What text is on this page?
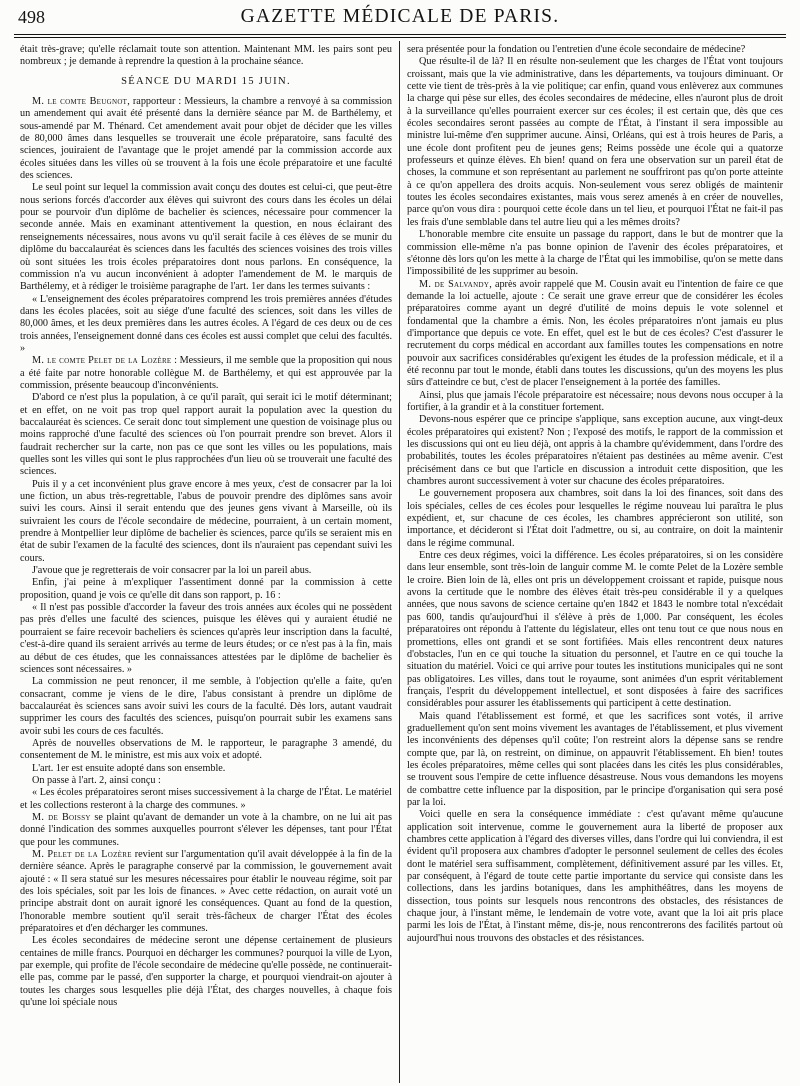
498	GAZETTE MÉDICALE DE PARIS.

était très-grave; qu'elle réclamait toute son attention. Maintenant MM. les pairs sont peu nombreux ; je demande à reprendre la question à la prochaine séance.

SÉANCE DU MARDI 15 JUIN.

M. le comte Beugnot, rapporteur : Messieurs, la chambre a renvoyé à sa commission un amendement qui avait été présenté dans la dernière séance par M. de Barthélemy, et sous-amendé par M. Thénard. Cet amendement avait pour objet de décider que les villes de 80,000 âmes dans lesquelles se trouverait une école préparatoire, sans faculté des sciences, jouiraient de l'avantage que le projet amendé par la commission accorde aux écoles situées dans les villes où se trouvent à la fois une école préparatoire et une faculté des sciences.

Le seul point sur lequel la commission avait conçu des doutes est celui-ci, que peut-être nous serions forcés d'accorder aux élèves qui suivront des cours dans les écoles un délai pour se pourvoir d'un diplôme de bachelier ès sciences, nécessaire pour commencer la seconde année. Mais en examinant attentivement la question, en nous éclairant des renseignements nécessaires, nous avons vu qu'il serait facile à ces élèves de se munir du diplôme du baccalauréat ès sciences dans les facultés des sciences voisines des trois villes où sont situées les trois écoles préparatoires dont nous parlons. En conséquence, la commission n'a vu aucun inconvénient à adopter l'amendement de M. le marquis de Barthélemy, et à rédiger le troisième paragraphe de l'art. 1er dans les termes suivants :

« L'enseignement des écoles préparatoires comprend les trois premières années d'études dans les écoles placées, soit au siége d'une faculté des sciences, soit dans les villes de 80,000 âmes, et les deux premières dans les autres écoles. A l'égard de ces deux ou de ces trois années, l'enseignement donné dans ces écoles est aussi complet que celui des facultés. »

M. le comte Pelet de la Lozère : Messieurs, il me semble que la proposition qui nous a été faite par notre honorable collègue M. de Barthélemy, et qui est approuvée par la commission, présente beaucoup d'inconvénients.

D'abord ce n'est plus la population, à ce qu'il paraît, qui serait ici le motif déterminant; et en effet, on ne voit pas trop quel rapport aurait la population avec la question du baccalauréat ès sciences. Ce serait donc tout simplement une question de voisinage plus ou moins rapproché d'une faculté des sciences où l'on pourrait prendre son brevet. Alors il faudrait rechercher sur la carte, non pas ce que sont les villes ou les populations, mais quelles sont les villes qui sont le plus rapprochées d'un lieu où se trouverait une faculté des sciences.

Puis il y a cet inconvénient plus grave encore à mes yeux, c'est de consacrer par la loi une fiction, un abus très-regrettable, l'abus de pouvoir prendre des diplômes sans avoir suivi les cours. Ainsi il serait entendu que des jeunes gens vivant à Marseille, où ils suivraient les cours de l'école secondaire de médecine, pourraient, à un certain moment, prendre à Montpellier leur diplôme de bachelier ès sciences, parce qu'ils se seraient mis en état de subir l'examen de la faculté des sciences, dont ils n'auraient pas cependant suivi les cours.

J'avoue que je regretterais de voir consacrer par la loi un pareil abus.

Enfin, j'ai peine à m'expliquer l'assentiment donné par la commission à cette proposition, quand je vois ce qu'elle dit dans son rapport, p. 16 :

« Il n'est pas possible d'accorder la faveur des trois années aux écoles qui ne possèdent pas près d'elles une faculté des sciences, puisque les élèves qui y auraient étudié ne pourraient se faire recevoir bacheliers ès sciences qu'après leur inscription dans la faculté, c'est-à-dire quand ils seraient arrivés au terme de leurs études; or ce n'est pas à la fin, mais au début de ces études, que les connaissances attestées par le diplôme de bachelier ès sciences sont nécessaires. »

La commission ne peut renoncer, il me semble, à l'objection qu'elle a faite, qu'en consacrant, comme je viens de le dire, l'abus consistant à prendre un diplôme de baccalauréat ès sciences sans avoir suivi les cours de la faculté. Dès lors, autant vaudrait supprimer les cours des facultés des sciences, puisqu'on pourrait subir les examens sans avoir subi les cours de ces facultés.

Après de nouvelles observations de M. le rapporteur, le paragraphe 3 amendé, du consentement de M. le ministre, est mis aux voix et adopté.

L'art. 1er est ensuite adopté dans son ensemble.

On passe à l'art. 2, ainsi conçu :

« Les écoles préparatoires seront mises successivement à la charge de l'État. Le matériel et les collections resteront à la charge des communes. »

M. de Boissy se plaint qu'avant de demander un vote à la chambre, on ne lui ait pas donné l'indication des sommes auxquelles pourront s'élever les dépenses, tant pour l'État que pour les communes.

M. Pelet de la Lozère revient sur l'argumentation qu'il avait développée à la fin de la dernière séance. Après le paragraphe conservé par la commission, le gouvernement avait ajouté : « Il sera statué sur les mesures nécessaires pour établir le nouveau régime, soit par des lois spéciales, soit par les lois de finances. » Avec cette rédaction, on aurait voté un principe abstrait dont on aurait ignoré les conséquences. Quant au fond de la question, l'honorable membre soutient qu'il serait très-fâcheux de charger l'État des écoles préparatoires et d'en décharger les communes.

Les écoles secondaires de médecine seront une dépense certainement de plusieurs centaines de mille francs. Pourquoi en décharger les communes? pourquoi la ville de Lyon, par exemple, qui profite de l'école secondaire de médecine qu'elle possède, ne continuerait-elle pas, comme par le passé, d'en supporter la charge, et pourquoi viendrait-on ajouter à toutes les charges sous lesquelles plie déjà l'État, des charges nouvelles, à chaque fois qu'une loi spéciale nous

sera présentée pour la fondation ou l'entretien d'une école secondaire de médecine?

Que résulte-il de là? Il en résulte non-seulement que les charges de l'État vont toujours croissant, mais que la vie administrative, dans les départements, va toujours diminuant. Or cette vie tient de très-près à la vie politique; car enfin, quand vous enlèverez aux communes la charge qui pèse sur elles, des écoles secondaires de médecine, elles n'auront plus de droit à la surveillance qu'elles pourraient exercer sur ces écoles; il est certain que, dès que ces écoles secondaires seront passées au compte de l'État, à l'instant il sera impossible au ministre lui-même d'en supprimer aucune. Ainsi, Orléans, qui est à trois heures de Paris, a une école dont profitent peu de jeunes gens; Reims possède une école qui a quatorze professeurs et quinze élèves. Eh bien! quand on fera une observation sur un pareil état de choses, la commune et son représentant au parlement ne souffriront pas qu'on porte atteinte à ce qu'on appellera des droits acquis. Non-seulement vous serez obligés de maintenir toutes les écoles secondaires existantes, mais vous serez amenés à en créer de nouvelles, parce qu'on vous dira : pourquoi cette école dans un tel lieu, et pourquoi l'État ne fait-il pas les frais d'une semblable dans tel autre lieu qui a les mêmes droits?

L'honorable membre cite ensuite un passage du rapport, dans le but de montrer que la commission elle-même n'a pas bonne opinion de l'avenir des écoles préparatoires, et s'étonne dès lors qu'on les mette à la charge de l'État qui les immobilise, qu'on se mette dans l'impossibilité de les supprimer au besoin.

M. de Salvandy, après avoir rappelé que M. Cousin avait eu l'intention de faire ce que demande la loi actuelle, ajoute : Ce serait une grave erreur que de considérer les écoles préparatoires comme ayant un degré d'utilité de moins depuis le vote solennel et fondamental que la chambre a émis. Non, les écoles préparatoires n'ont jamais eu plus d'importance que depuis ce vote. En effet, quel est le but de ces écoles? C'est d'assurer le recrutement du corps médical en accordant aux familles toutes les compensations en notre pouvoir aux sacrifices considérables qu'exigent les études de la profession médicale, et il a été reconnu par tout le monde, établi dans toutes les discussions, qu'un des moyens les plus sûrs d'atteindre ce but, c'est de placer l'enseignement à la portée des familles.

Ainsi, plus que jamais l'école préparatoire est nécessaire; nous devons nous occuper à la fortifier, à la grandir et à la constituer fortement.

Devons-nous espérer que ce principe s'applique, sans exception aucune, aux vingt-deux écoles préparatoires qui existent? Non ; l'exposé des motifs, le rapport de la commission et les discussions qui ont eu lieu déjà, ont appris à la chambre qu'évidemment, dans l'ordre des probabilités, toutes les écoles préparatoires n'étaient pas destinées au même avenir. C'est précisément dans ce but que l'article en discussion a introduit cette disposition, que les chambres auront successivement à voter sur chacune des écoles préparatoires.

Le gouvernement proposera aux chambres, soit dans la loi des finances, soit dans des lois spéciales, celles de ces écoles pour lesquelles le régime nouveau lui paraîtra le plus expédient, et, sur chacune de ces écoles, les chambres apprécieront son utilité, son importance, et décideront si l'État doit l'admettre, ou si, au contraire, on doit la maintenir dans le régime communal.

Entre ces deux régimes, voici la différence. Les écoles préparatoires, si on les considère dans leur ensemble, sont très-loin de languir comme M. le comte Pelet de la Lozère semble le croire. Bien loin de là, elles ont pris un développement croissant et rapide, puisque nous avons la certitude que le nombre des élèves était très-peu considérable il y a quelques années, que nous savons de science certaine qu'en 1842 et 1843 le nombre total n'excédait pas 600, tandis qu'aujourd'hui il s'élève à près de 1,000. Par conséquent, les écoles préparatoires ont répondu à l'attente du législateur, elles ont tenu tout ce que nous nous en promettions, elles ont grandi et se sont fortifiées. Mais elles rencontrent deux natures d'obstacles, l'un en ce qui touche la situation du personnel, et l'autre en ce qui touche la situation du matériel. Voici ce qui arrive pour toutes les institutions municipales qui ne sont pas obligatoires. Les villes, dans tout le royaume, sont animées d'un esprit véritablement français, l'esprit du développement intellectuel, et sont disposées à faire des sacrifices considérables pour assurer les établissements qui participent à cette destination.

Mais quand l'établissement est formé, et que les sacrifices sont votés, il arrive graduellement qu'on sent moins vivement les avantages de l'établissement, et plus vivement les inconvénients des dépenses qu'il coûte; l'on restreint alors la dépense sans se rendre compte que, par là, on restreint, on diminue, on appauvrit l'établissement. Eh bien! toutes les écoles préparatoires, même celles qui sont placées dans les cités les plus considérables, se trouvent sous l'empire de cette influence désastreuse. Nous vous demandons les moyens de combattre cette influence par la disposition, par le principe d'organisation qui sera posé par la loi.

Voici quelle en sera la conséquence immédiate : c'est qu'avant même qu'aucune application soit intervenue, comme le gouvernement aura la liberté de proposer aux chambres cette application à l'égard des diverses villes, dans l'ordre qui lui conviendra, il est évident qu'il proposera aux chambres d'adopter le personnel seulement de celles des écoles dont le matériel sera suffisamment, complètement, définitivement assuré par les villes. Et, par conséquent, à l'égard de toute cette partie importante du service qui consiste dans les collections, dans les jardins botaniques, dans les amphithéâtres, dans les moyens de dissection, tous points sur lesquels nous rencontrons des obstacles, des résistances de chaque jour, à l'instant même, le lendemain de votre vote, avant que la loi ait pris place parmi les lois de l'État, à l'instant même, dis-je, nous rencontrerons des facilités partout où aujourd'hui nous trouvons des obstacles et des résistances.
